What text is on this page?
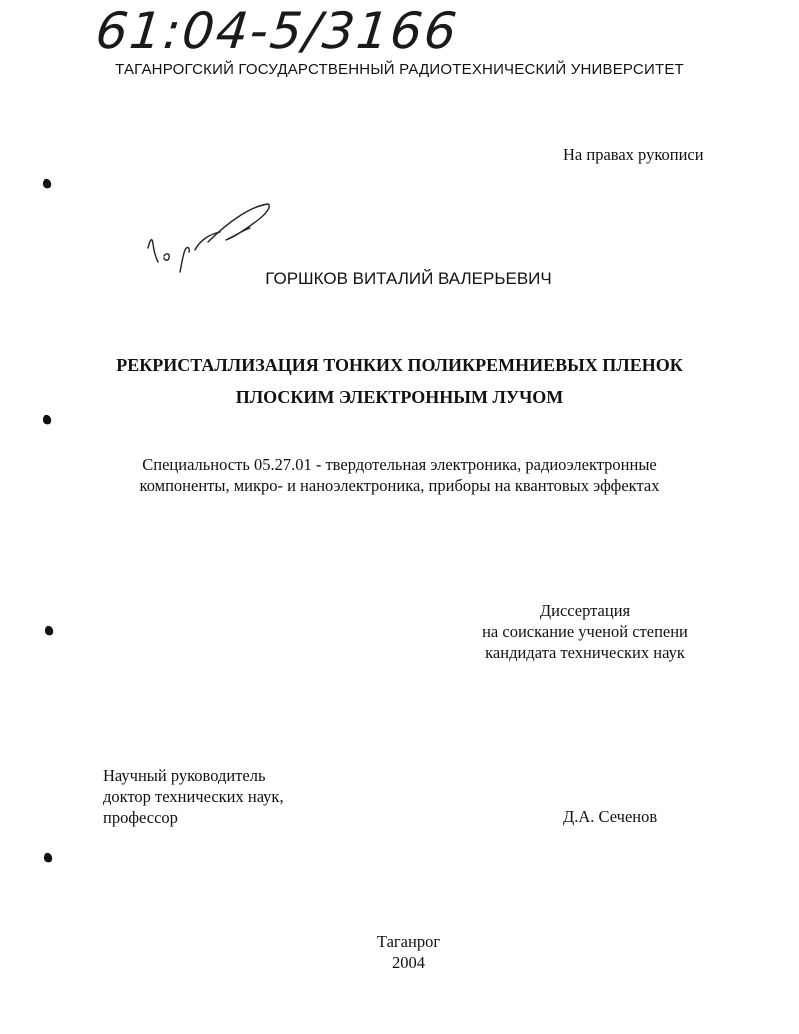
61:04-5/3166
ТАГАНРОГСКИЙ ГОСУДАРСТВЕННЫЙ РАДИОТЕХНИЧЕСКИЙ УНИВЕРСИТЕТ
На правах рукописи
ГОРШКОВ ВИТАЛИЙ ВАЛЕРЬЕВИЧ
РЕКРИСТАЛЛИЗАЦИЯ ТОНКИХ ПОЛИКРЕМНИЕВЫХ ПЛЕНОК
ПЛОСКИМ ЭЛЕКТРОННЫМ ЛУЧОМ
Специальность 05.27.01 - твердотельная электроника, радиоэлектронные
компоненты, микро- и наноэлектроника, приборы на квантовых эффектах
Диссертация
на соискание ученой степени
кандидата технических наук
Научный руководитель
доктор технических наук,
профессор	Д.А. Сеченов
Таганрог
2004
